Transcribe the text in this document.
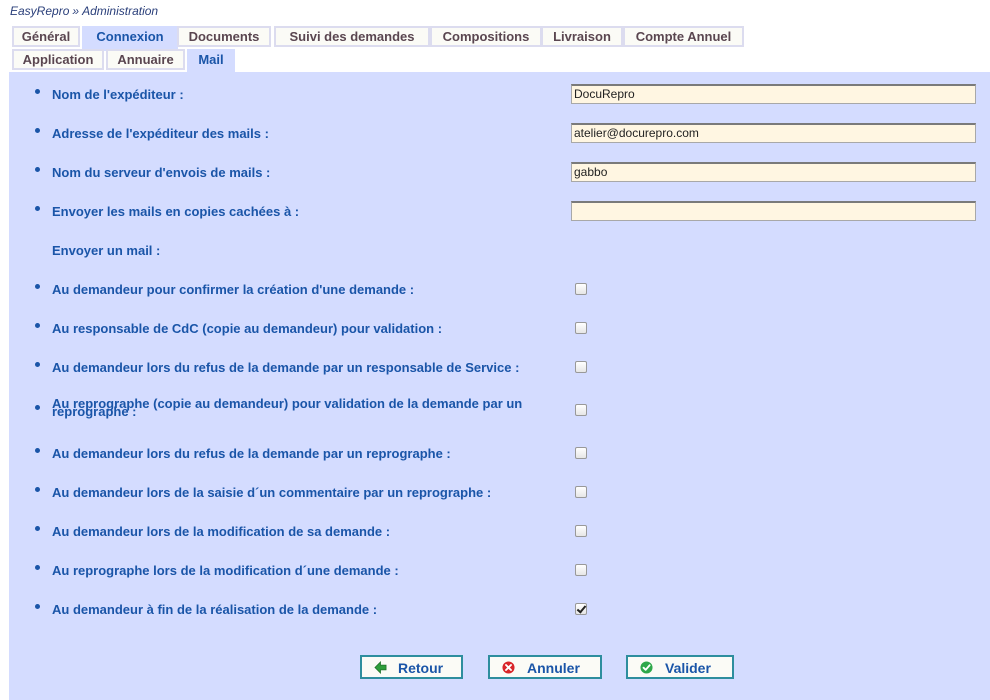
EasyRepro » Administration
Général	Connexion	Documents	Suivi des demandes	Compositions	Livraison	Compte Annuel
Application	Annuaire	Mail
Nom de l'expéditeur :	DocuRepro
Adresse de l'expéditeur des mails :	atelier@docurepro.com
Nom du serveur d'envois de mails :	gabbo
Envoyer les mails en copies cachées à :
Envoyer un mail :
Au demandeur pour confirmer la création d'une demande :
Au responsable de CdC (copie au demandeur) pour validation :
Au demandeur lors du refus de la demande par un responsable de Service :
Au reprographe (copie au demandeur) pour validation de la demande par un reprographe :
Au demandeur lors du refus de la demande par un reprographe :
Au demandeur lors de la saisie d´un commentaire par un reprographe :
Au demandeur lors de la modification de sa demande :
Au reprographe lors de la modification d´une demande :
Au demandeur à fin de la réalisation de la demande :
Retour	Annuler	Valider
